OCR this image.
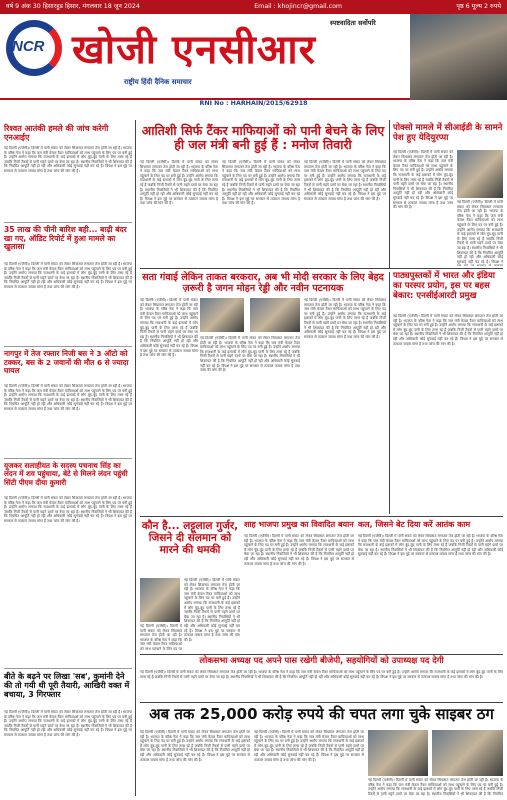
वर्ष 9 अंक 30 हिसारहुड हिसार, मंगलवार 18 जून 2024	Email : khojincr@gmail.com	पृष्ठ 6 मूल्य 2 रुपये
NCR खोजी एनसीआर
राष्ट्रीय हिंदी दैनिक समाचार
स्पष्टवादिता सर्वोपरि
RNI No : HARHAIN/2015/62918
रिश्वत आतंकी हमले की जांच करेगी एनआईए
नई दिल्ली (एजेंसी)। दिल्ली में पानी संकट को लेकर सियासत लगातार तेज होती जा रही है। भाजपा के वरिष्ठ नेता ने कहा कि जल मंत्री केवल टैंकर माफियाओं को लाभ पहुंचाने के लिए पद पर बनी हुई हैं। उन्होंने आरोप लगाया कि राजधानी के कई इलाकों में लोग बूंद-बूंद पानी के लिए तरस रहे हैं जबकि निजी टैंकरों से पानी महंगे दामों पर बेचा जा रहा है। स्थानीय निवासियों ने भी शिकायत की है कि नियमित आपूर्ति नहीं हो रही और अधिकारी कोई सुनवाई नहीं कर रहे हैं। विपक्ष ने इस मुद्दे पर सरकार से तत्काल जवाब मांगा है तथा जांच की मांग की है।
35 लाख की चीनी बारिश बही... बाढ़ी बंदर खा गए, ऑडिट रिपोर्ट में हुआ मामले का खुलासा
नई दिल्ली (एजेंसी)। दिल्ली में पानी संकट को लेकर सियासत लगातार तेज होती जा रही है। भाजपा के वरिष्ठ नेता ने कहा कि जल मंत्री केवल टैंकर माफियाओं को लाभ पहुंचाने के लिए पद पर बनी हुई हैं। उन्होंने आरोप लगाया कि राजधानी के कई इलाकों में लोग बूंद-बूंद पानी के लिए तरस रहे हैं जबकि निजी टैंकरों से पानी महंगे दामों पर बेचा जा रहा है। स्थानीय निवासियों ने भी शिकायत की है कि नियमित आपूर्ति नहीं हो रही और अधिकारी कोई सुनवाई नहीं कर रहे हैं। विपक्ष ने इस मुद्दे पर सरकार से तत्काल जवाब मांगा है तथा जांच की मांग की है।
नागपुर में तेज रफ्तार निजी बस ने 3 ऑटो को टक्कर, बस के 2 जवानों की मौत 6 से ज्यादा घायल
नई दिल्ली (एजेंसी)। दिल्ली में पानी संकट को लेकर सियासत लगातार तेज होती जा रही है। भाजपा के वरिष्ठ नेता ने कहा कि जल मंत्री केवल टैंकर माफियाओं को लाभ पहुंचाने के लिए पद पर बनी हुई हैं। उन्होंने आरोप लगाया कि राजधानी के कई इलाकों में लोग बूंद-बूंद पानी के लिए तरस रहे हैं जबकि निजी टैंकरों से पानी महंगे दामों पर बेचा जा रहा है। स्थानीय निवासियों ने भी शिकायत की है कि नियमित आपूर्ति नहीं हो रही और अधिकारी कोई सुनवाई नहीं कर रहे हैं। विपक्ष ने इस मुद्दे पर सरकार से तत्काल जवाब मांगा है तथा जांच की मांग की है।
यूजकर सलाहीयत के सदस्य पचनाथ सिंह का लंदन में शव पहुंचाया, बेटे से मिलने लंदन पहुंची सिंटी पीएम दीया कुमारी
नई दिल्ली (एजेंसी)। दिल्ली में पानी संकट को लेकर सियासत लगातार तेज होती जा रही है। भाजपा के वरिष्ठ नेता ने कहा कि जल मंत्री केवल टैंकर माफियाओं को लाभ पहुंचाने के लिए पद पर बनी हुई हैं। उन्होंने आरोप लगाया कि राजधानी के कई इलाकों में लोग बूंद-बूंद पानी के लिए तरस रहे हैं जबकि निजी टैंकरों से पानी महंगे दामों पर बेचा जा रहा है। स्थानीय निवासियों ने भी शिकायत की है कि नियमित आपूर्ति नहीं हो रही और अधिकारी कोई सुनवाई नहीं कर रहे हैं। विपक्ष ने इस मुद्दे पर सरकार से तत्काल जवाब मांगा है तथा जांच की मांग की है।
बीते के बढ़ने पर लिखा 'सब', कुमांनी देने की तो गयी थी पूरी तैयारी, आखिरी वक्त में बचाया, 3 गिरफ्तार
नई दिल्ली (एजेंसी)। दिल्ली में पानी संकट को लेकर सियासत लगातार तेज होती जा रही है। भाजपा के वरिष्ठ नेता ने कहा कि जल मंत्री केवल टैंकर माफियाओं को लाभ पहुंचाने के लिए पद पर बनी हुई हैं। उन्होंने आरोप लगाया कि राजधानी के कई इलाकों में लोग बूंद-बूंद पानी के लिए तरस रहे हैं जबकि निजी टैंकरों से पानी महंगे दामों पर बेचा जा रहा है। स्थानीय निवासियों ने भी शिकायत की है कि नियमित आपूर्ति नहीं हो रही और अधिकारी कोई सुनवाई नहीं कर रहे हैं। विपक्ष ने इस मुद्दे पर सरकार से तत्काल जवाब मांगा है तथा जांच की मांग की है।
आतिशी सिर्फ टैंकर माफियाओं को पानी बेचने के लिए ही जल मंत्री बनी हुई हैं : मनोज तिवारी
नई दिल्ली (एजेंसी)। दिल्ली में पानी संकट को लेकर सियासत लगातार तेज होती जा रही है। भाजपा के वरिष्ठ नेता ने कहा कि जल मंत्री केवल टैंकर माफियाओं को लाभ पहुंचाने के लिए पद पर बनी हुई हैं। उन्होंने आरोप लगाया कि राजधानी के कई इलाकों में लोग बूंद-बूंद पानी के लिए तरस रहे हैं जबकि निजी टैंकरों से पानी महंगे दामों पर बेचा जा रहा है। स्थानीय निवासियों ने भी शिकायत की है कि नियमित आपूर्ति नहीं हो रही और अधिकारी कोई सुनवाई नहीं कर रहे हैं। विपक्ष ने इस मुद्दे पर सरकार से तत्काल जवाब मांगा है तथा जांच की मांग की है।
नई दिल्ली (एजेंसी)। दिल्ली में पानी संकट को लेकर सियासत लगातार तेज होती जा रही है। भाजपा के वरिष्ठ नेता ने कहा कि जल मंत्री केवल टैंकर माफियाओं को लाभ पहुंचाने के लिए पद पर बनी हुई हैं। उन्होंने आरोप लगाया कि राजधानी के कई इलाकों में लोग बूंद-बूंद पानी के लिए तरस रहे हैं जबकि निजी टैंकरों से पानी महंगे दामों पर बेचा जा रहा है। स्थानीय निवासियों ने भी शिकायत की है कि नियमित आपूर्ति नहीं हो रही और अधिकारी कोई सुनवाई नहीं कर रहे हैं। विपक्ष ने इस मुद्दे पर सरकार से तत्काल जवाब मांगा है तथा जांच की मांग की है।
नई दिल्ली (एजेंसी)। दिल्ली में पानी संकट को लेकर सियासत लगातार तेज होती जा रही है। भाजपा के वरिष्ठ नेता ने कहा कि जल मंत्री केवल टैंकर माफियाओं को लाभ पहुंचाने के लिए पद पर बनी हुई हैं। उन्होंने आरोप लगाया कि राजधानी के कई इलाकों में लोग बूंद-बूंद पानी के लिए तरस रहे हैं जबकि निजी टैंकरों से पानी महंगे दामों पर बेचा जा रहा है। स्थानीय निवासियों ने भी शिकायत की है कि नियमित आपूर्ति नहीं हो रही और अधिकारी कोई सुनवाई नहीं कर रहे हैं। विपक्ष ने इस मुद्दे पर सरकार से तत्काल जवाब मांगा है तथा जांच की मांग की है।
पोक्सो मामले में सीआईडी के सामने पेश हुए येदियुरप्पा
नई दिल्ली (एजेंसी)। दिल्ली में पानी संकट को लेकर सियासत लगातार तेज होती जा रही है। भाजपा के वरिष्ठ नेता ने कहा कि जल मंत्री केवल टैंकर माफियाओं को लाभ पहुंचाने के लिए पद पर बनी हुई हैं। उन्होंने आरोप लगाया कि राजधानी के कई इलाकों में लोग बूंद-बूंद पानी के लिए तरस रहे हैं जबकि निजी टैंकरों से पानी महंगे दामों पर बेचा जा रहा है। स्थानीय निवासियों ने भी शिकायत की है कि नियमित आपूर्ति नहीं हो रही और अधिकारी कोई सुनवाई नहीं कर रहे हैं। विपक्ष ने इस मुद्दे पर सरकार से तत्काल जवाब मांगा है तथा जांच की मांग की है।
नई दिल्ली (एजेंसी)। दिल्ली में पानी संकट को लेकर सियासत लगातार तेज होती जा रही है। भाजपा के वरिष्ठ नेता ने कहा कि जल मंत्री केवल टैंकर माफियाओं को लाभ पहुंचाने के लिए पद पर बनी हुई हैं। उन्होंने आरोप लगाया कि राजधानी के कई इलाकों में लोग बूंद-बूंद पानी के लिए तरस रहे हैं जबकि निजी टैंकरों से पानी महंगे दामों पर बेचा जा रहा है। स्थानीय निवासियों ने भी शिकायत की है कि नियमित आपूर्ति नहीं हो रही और अधिकारी कोई सुनवाई नहीं कर रहे हैं। विपक्ष ने
सता गंवाई लेकिन ताकत बरकरार, अब भी मोदी सरकार के लिए बेहद ज़रूरी है जगन मोहन रेड्डी और नवीन पटनायक
नई दिल्ली (एजेंसी)। दिल्ली में पानी संकट को लेकर सियासत लगातार तेज होती जा रही है। भाजपा के वरिष्ठ नेता ने कहा कि जल मंत्री केवल टैंकर माफियाओं को लाभ पहुंचाने के लिए पद पर बनी हुई हैं। उन्होंने आरोप लगाया कि राजधानी के कई इलाकों में लोग बूंद-बूंद पानी के लिए तरस रहे हैं जबकि निजी टैंकरों से पानी महंगे दामों पर बेचा जा रहा है। स्थानीय निवासियों ने भी शिकायत की है कि नियमित आपूर्ति नहीं हो रही और अधिकारी कोई सुनवाई नहीं कर रहे हैं। विपक्ष ने इस मुद्दे पर सरकार से तत्काल जवाब मांगा है तथा जांच की मांग की है।
नई दिल्ली (एजेंसी)। दिल्ली में पानी संकट को लेकर सियासत लगातार तेज होती जा रही है। भाजपा के वरिष्ठ नेता ने कहा कि जल मंत्री केवल टैंकर माफियाओं को लाभ पहुंचाने के लिए पद पर बनी हुई हैं। उन्होंने आरोप लगाया कि राजधानी के कई इलाकों में लोग बूंद-बूंद पानी के लिए तरस रहे हैं जबकि निजी टैंकरों से पानी महंगे दामों पर बेचा जा रहा है। स्थानीय निवासियों ने भी शिकायत की है कि नियमित आपूर्ति नहीं हो रही और अधिकारी कोई सुनवाई नहीं कर रहे हैं। विपक्ष ने इस मुद्दे पर सरकार से तत्काल जवाब मांगा है तथा जांच की मांग की है।
नई दिल्ली (एजेंसी)। दिल्ली में पानी संकट को लेकर सियासत लगातार तेज होती जा रही है। भाजपा के वरिष्ठ नेता ने कहा कि जल मंत्री केवल टैंकर माफियाओं को लाभ पहुंचाने के लिए पद पर बनी हुई हैं। उन्होंने आरोप लगाया कि राजधानी के कई इलाकों में लोग बूंद-बूंद पानी के लिए तरस रहे हैं जबकि निजी टैंकरों से पानी महंगे दामों पर बेचा जा रहा है। स्थानीय निवासियों ने भी शिकायत की है कि नियमित आपूर्ति नहीं हो रही और अधिकारी कोई सुनवाई नहीं कर रहे हैं। विपक्ष ने इस मुद्दे पर सरकार से तत्काल जवाब मांगा है तथा जांच की मांग की है।
पाठ्यपुस्तकों में भारत और इंडिया का परस्पर प्रयोग, इस पर बहस बेकार: एनसीईआरटी प्रमुख
नई दिल्ली (एजेंसी)। दिल्ली में पानी संकट को लेकर सियासत लगातार तेज होती जा रही है। भाजपा के वरिष्ठ नेता ने कहा कि जल मंत्री केवल टैंकर माफियाओं को लाभ पहुंचाने के लिए पद पर बनी हुई हैं। उन्होंने आरोप लगाया कि राजधानी के कई इलाकों में लोग बूंद-बूंद पानी के लिए तरस रहे हैं जबकि निजी टैंकरों से पानी महंगे दामों पर बेचा जा रहा है। स्थानीय निवासियों ने भी शिकायत की है कि नियमित आपूर्ति नहीं हो रही और अधिकारी कोई सुनवाई नहीं कर रहे हैं। विपक्ष ने इस मुद्दे पर सरकार से तत्काल जवाब मांगा है तथा जांच की मांग की है।
कौन है... लट्टूलाल गुर्जर, जिसने दी सलमान को मारने की धमकी
नई दिल्ली (एजेंसी)। दिल्ली में पानी संकट को लेकर सियासत लगातार तेज होती जा रही है। भाजपा के वरिष्ठ नेता ने कहा कि जल मंत्री केवल टैंकर माफियाओं को लाभ पहुंचाने के लिए पद पर बनी हुई हैं। उन्होंने आरोप लगाया कि राजधानी के कई इलाकों में लोग बूंद-बूंद पानी के लिए तरस रहे हैं जबकि निजी टैंकरों से पानी महंगे दामों पर बेचा जा रहा है। स्थानीय निवासियों ने भी शिकायत की है कि नियमित आपूर्ति नहीं हो रही और अधिकारी कोई सुनवाई नहीं कर रहे हैं। विपक्ष ने इस मुद्दे पर सरकार से तत्काल जवाब मांगा है तथा जांच की मांग की है।
नई दिल्ली (एजेंसी)। दिल्ली में पानी संकट को लेकर सियासत लगातार तेज होती जा रही है। भाजपा के वरिष्ठ नेता ने कहा कि जल मंत्री केवल टैंकर माफियाओं को लाभ पहुंचाने के लिए पद पर
शाह भाजपा प्रमुख का विवादित बयान
नई दिल्ली (एजेंसी)। दिल्ली में पानी संकट को लेकर सियासत लगातार तेज होती जा रही है। भाजपा के वरिष्ठ नेता ने कहा कि जल मंत्री केवल टैंकर माफियाओं को लाभ पहुंचाने के लिए पद पर बनी हुई हैं। उन्होंने आरोप लगाया कि राजधानी के कई इलाकों में लोग बूंद-बूंद पानी के लिए तरस रहे हैं जबकि निजी टैंकरों से पानी महंगे दामों पर बेचा जा रहा है। स्थानीय निवासियों ने भी शिकायत की है कि नियमित आपूर्ति नहीं हो रही और अधिकारी कोई सुनवाई नहीं कर रहे हैं। विपक्ष ने इस मुद्दे पर सरकार से तत्काल जवाब मांगा है तथा जांच की मांग की है।
कल, जिसने बेट दिया करें आतंक काम
नई दिल्ली (एजेंसी)। दिल्ली में पानी संकट को लेकर सियासत लगातार तेज होती जा रही है। भाजपा के वरिष्ठ नेता ने कहा कि जल मंत्री केवल टैंकर माफियाओं को लाभ पहुंचाने के लिए पद पर बनी हुई हैं। उन्होंने आरोप लगाया कि राजधानी के कई इलाकों में लोग बूंद-बूंद पानी के लिए तरस रहे हैं जबकि निजी टैंकरों से पानी महंगे दामों पर बेचा जा रहा है। स्थानीय निवासियों ने भी शिकायत की है कि नियमित आपूर्ति नहीं हो रही और अधिकारी कोई सुनवाई नहीं कर रहे हैं। विपक्ष ने इस मुद्दे पर सरकार से तत्काल जवाब मांगा है तथा जांच की मांग की है।
लोकसभा अध्यक्ष पद अपने पास रखेगी बीजेपी, सहयोगियों को उपाध्यक्ष पद देगी
नई दिल्ली (एजेंसी)। दिल्ली में पानी संकट को लेकर सियासत लगातार तेज होती जा रही है। भाजपा के वरिष्ठ नेता ने कहा कि जल मंत्री केवल टैंकर माफियाओं को लाभ पहुंचाने के लिए पद पर बनी हुई हैं। उन्होंने आरोप लगाया कि राजधानी के कई इलाकों में लोग बूंद-बूंद पानी के लिए तरस रहे हैं जबकि निजी टैंकरों से पानी महंगे दामों पर बेचा जा रहा है। स्थानीय निवासियों ने भी शिकायत की है कि नियमित आपूर्ति नहीं हो रही और अधिकारी कोई सुनवाई नहीं कर रहे हैं। विपक्ष ने इस मुद्दे पर सरकार से तत्काल जवाब मांगा है तथा जांच की मांग की है।
अब तक 25,000 करोड़ रुपये की चपत लगा चुके साइबर ठग
नई दिल्ली (एजेंसी)। दिल्ली में पानी संकट को लेकर सियासत लगातार तेज होती जा रही है। भाजपा के वरिष्ठ नेता ने कहा कि जल मंत्री केवल टैंकर माफियाओं को लाभ पहुंचाने के लिए पद पर बनी हुई हैं। उन्होंने आरोप लगाया कि राजधानी के कई इलाकों में लोग बूंद-बूंद पानी के लिए तरस रहे हैं जबकि निजी टैंकरों से पानी महंगे दामों पर बेचा जा रहा है। स्थानीय निवासियों ने भी शिकायत की है कि नियमित आपूर्ति नहीं हो रही और अधिकारी कोई सुनवाई नहीं कर रहे हैं। विपक्ष ने इस मुद्दे पर सरकार से तत्काल जवाब मांगा है तथा जांच की मांग की है।
नई दिल्ली (एजेंसी)। दिल्ली में पानी संकट को लेकर सियासत लगातार तेज होती जा रही है। भाजपा के वरिष्ठ नेता ने कहा कि जल मंत्री केवल टैंकर माफियाओं को लाभ पहुंचाने के लिए पद पर बनी हुई हैं। उन्होंने आरोप लगाया कि राजधानी के कई इलाकों में लोग बूंद-बूंद पानी के लिए तरस रहे हैं जबकि निजी टैंकरों से पानी महंगे दामों पर बेचा जा रहा है। स्थानीय निवासियों ने भी शिकायत की है कि नियमित आपूर्ति नहीं हो रही और अधिकारी कोई सुनवाई नहीं कर रहे हैं। विपक्ष ने इस मुद्दे पर सरकार से तत्काल जवाब मांगा है तथा जांच की मांग की है।
नई दिल्ली (एजेंसी)। दिल्ली में पानी संकट को लेकर सियासत लगातार तेज होती जा रही है। भाजपा के वरिष्ठ नेता ने कहा कि जल मंत्री केवल टैंकर माफियाओं को लाभ पहुंचाने के लिए पद पर बनी हुई हैं। उन्होंने आरोप लगाया कि राजधानी के कई इलाकों में लोग बूंद-बूंद पानी के लिए तरस रहे हैं जबकि निजी टैंकरों से पानी महंगे दामों पर बेचा जा रहा है। स्थानीय निवासियों ने भी शिकायत की है कि नियमित
